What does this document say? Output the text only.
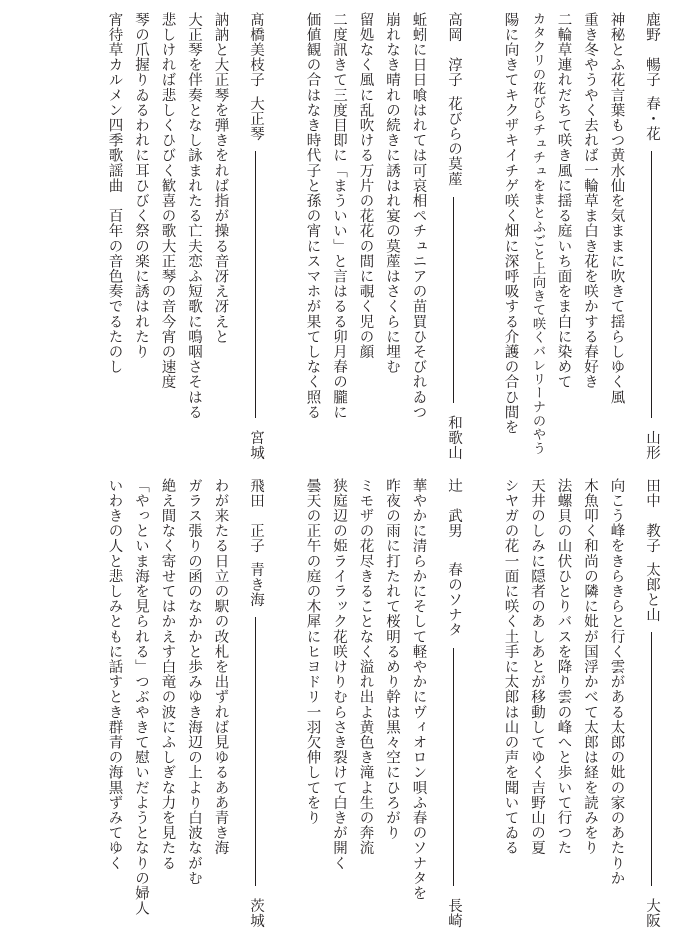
鹿野　暢子
春・花
山形
神秘とふ花言葉もつ黄水仙を気ままに吹きて揺らしゆく風
重き冬やうやく去れば一輪草ま白き花を咲かする春好き
二輪草連れだちて咲き風に揺る庭いち面をま白に染めて
カタクリの花びらチュチュをまとふごと上向きて咲くバレリーナのやう
陽に向きてキクザキイチゲ咲く畑に深呼吸する介護の合ひ間を
高岡　淳子
花びらの莫蓙
和歌山
蚯蚓に日日喰はれては可哀相ペチュニアの苗買ひそびれゐつ
崩れなき晴れの続きに誘はれ宴の莫蓙はさくらに埋む
留処なく風に乱吹ける万片の花花の間に覗く児の顔
二度訊きて三度目即に「まういい」と言はるる卯月春の朧に
価値観の合はなき時代子と孫の宵にスマホが果てしなく照る
髙橋美枝子
大正琴
宮城
訥訥と大正琴を弾きをれば指が操る音冴え冴えと
大正琴を伴奏となし詠まれたる亡夫恋ふ短歌に鳴咽さそはる
悲しければ悲しくひびく歓喜の歌大正琴の音今宵の速度
琴の爪握りゐるわれに耳ひびく祭の楽に誘はれたり
宵待草カルメン四季歌謡曲　百年の音色奏でるたのし
田中　教子
太郎と山
大阪
向こう峰をきらきらと行く雲がある太郎の妣の家のあたりか
木魚叩く和尚の隣に妣が国浮かべて太郎は経を読みをり
法螺貝の山伏ひとりバスを降り雲の峰へと歩いて行つた
天井のしみに隠者のあしあとが移動してゆく吉野山の夏
シヤガの花一面に咲く土手に太郎は山の声を聞いてゐる
辻　武男
春のソナタ
長崎
華やかに清らかにそして軽やかにヴィオロン唄ふ春のソナタを
昨夜の雨に打たれて桜明るめり幹は黒々空にひろがり
ミモザの花尽きることなく溢れ出よ黄色き滝よ生の奔流
狭庭辺の姫ライラック花咲けりむらさき裂けて白きが開く
曇天の正午の庭の木犀にヒヨドリ一羽欠伸してをり
飛田　正子
青き海
茨城
わが来たる日立の駅の改札を出ずれば見ゆるああ青き海
ガラス張りの函のなかかと歩みゆき海辺の上より白波ながむ
絶え間なく寄せてはかえす白竜の波にふしぎな力を見たる
「やっといま海を見られる」つぶやきて慰いだようとなりの婦人
いわきの人と悲しみともに話すとき群青の海黒ずみてゆく
